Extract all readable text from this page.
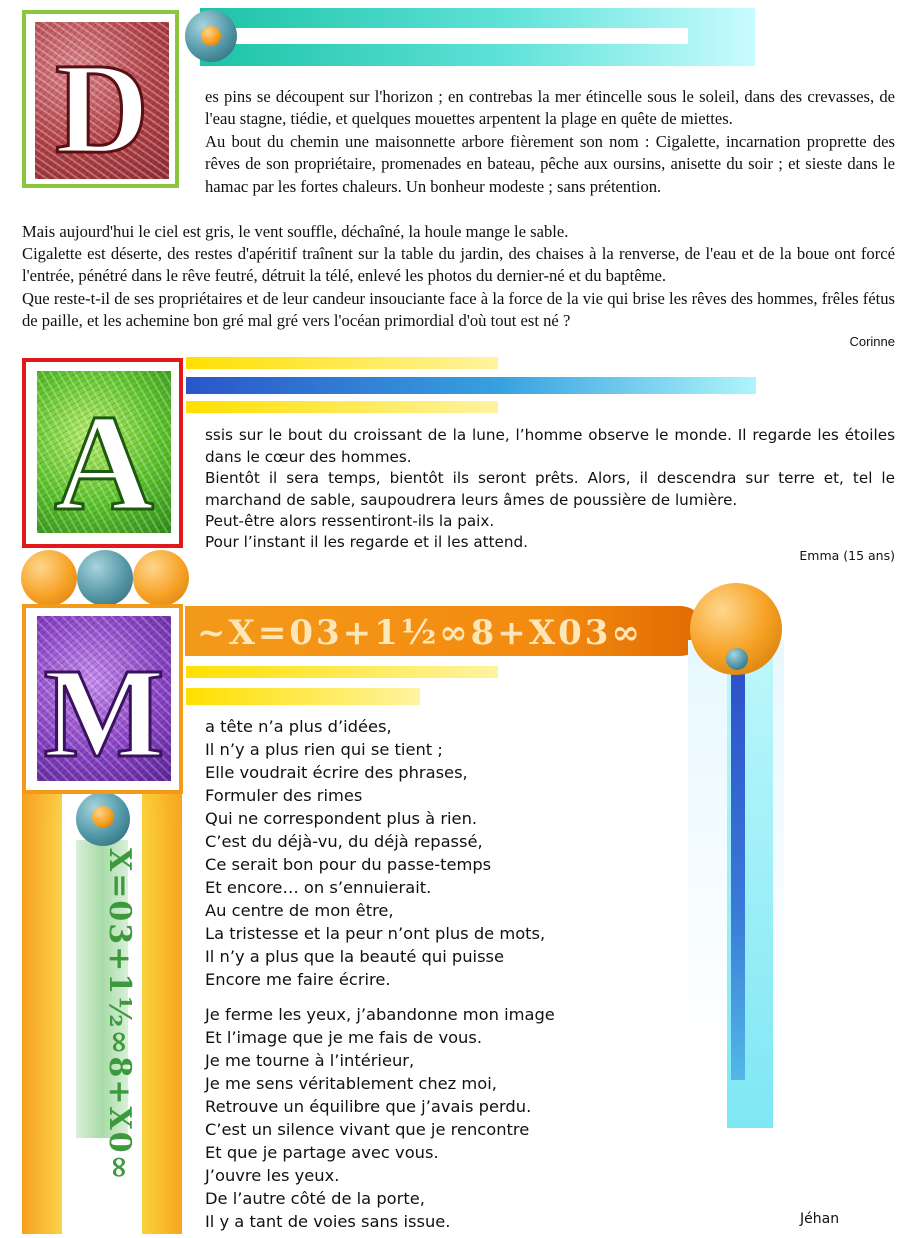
D	es pins se découpent sur l'horizon ; en contrebas la mer étincelle sous le soleil, dans des crevasses, de l'eau stagne, tiédie, et quelques mouettes arpentent la plage en quête de miettes.
Au bout du chemin une maisonnette arbore fièrement son nom : Cigalette, incarnation proprette des rêves de son propriétaire, promenades en bateau, pêche aux oursins, anisette du soir ; et sieste dans le hamac par les fortes chaleurs. Un bonheur modeste ; sans prétention.
Mais aujourd'hui le ciel est gris, le vent souffle, déchaîné, la houle mange le sable.
Cigalette est déserte, des restes d'apéritif traînent sur la table du jardin, des chaises à la renverse, de l'eau et de la boue ont forcé l'entrée, pénétré dans le rêve feutré, détruit la télé, enlevé les photos du dernier-né et du baptême.
Que reste-t-il de ses propriétaires et de leur candeur insouciante face à la force de la vie qui brise les rêves des hommes, frêles fétus de paille, et les achemine bon gré mal gré vers l'océan primordial d'où tout est né ?
Corinne
A	ssis sur le bout du croissant de la lune, l’homme observe le monde. Il regarde les étoiles dans le cœur des hommes.
Bientôt il sera temps, bientôt ils seront prêts. Alors, il descendra sur terre et, tel le marchand de sable, saupoudrera leurs âmes de poussière de lumière.
Peut-être alors ressentiront-ils la paix.
Pour l’instant il les regarde et il les attend.
Emma (15 ans)
X=03+1½∞8+X0∞
~X=03+1½∞8+X03∞
M a tête n’a plus d’idées,
Il n’y a plus rien qui se tient ;
Elle voudrait écrire des phrases,
Formuler des rimes
Qui ne correspondent plus à rien.
C’est du déjà-vu, du déjà repassé,
Ce serait bon pour du passe-temps
Et encore… on s’ennuierait.
Au centre de mon être,
La tristesse et la peur n’ont plus de mots,
Il n’y a plus que la beauté qui puisse
Encore me faire écrire.
Je ferme les yeux, j’abandonne mon image
Et l’image que je me fais de vous.
Je me tourne à l’intérieur,
Je me sens véritablement chez moi,
Retrouve un équilibre que j’avais perdu.
C’est un silence vivant que je rencontre
Et que je partage avec vous.
J’ouvre les yeux.
De l’autre côté de la porte,
Il y a tant de voies sans issue.	Jéhan
